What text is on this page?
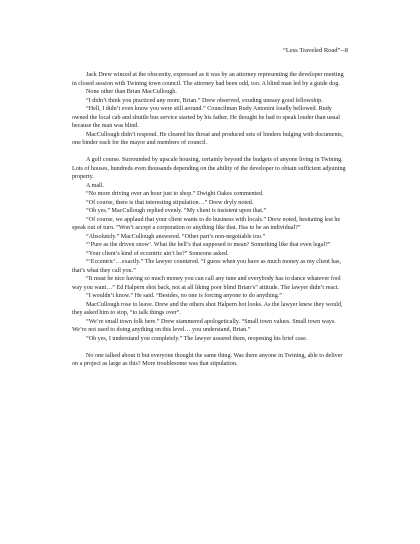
“Less Traveled Road”--8

Jack Drew winced at the obscenity, expressed as it was by an attorney representing the developer meeting in closed session with Twining town council. The attorney had been odd, too. A blind man led by a guide dog.

None other than Brian MacCullough.

“I didn’t think you practiced any more, Brian.” Drew observed, exuding uneasy good fellowship.

“Hell, I didn’t even know you were still around.” Councilman Rudy Antonini loudly bellowed. Rudy owned the local cab and shuttle bus service started by his father. He thought he had to speak louder than usual because the man was blind.

MacCullough didn’t respond. He cleared his throat and produced sets of binders bulging with documents, one binder each for the mayor and members of council.

A golf course. Surrounded by upscale housing, certainly beyond the budgets of anyone living in Twining. Lots of houses, hundreds even thousands depending on the ability of the developer to obtain sufficient adjoining property.

A mall.

“No more driving over an hour just to shop.” Dwight Oakes commented.

“Of course, there is that interesting stipulation…” Drew dryly noted.

“Oh yes.” MacCullough replied evenly. “My client is insistent upon that.”

“Of course, we applaud that your client wants to do business with locals.” Drew noted, hesitating lest he speak out of turn. “Won’t accept a corporation or anything like that. Has to be an individual?”

“Absolutely.” MacCullough answered. “Other part’s non-negotiable too.”

“‘Pure as the driven snow’. What the hell’s that supposed to mean? Something like that even legal?”

“Your client’s kind of eccentric ain’t he?” Someone asked.

“‘Eccentric’…exactly.” The lawyer countered. “I guess when you have as much money as my client has, that’s what they call you.”

“It must be nice having so much money you can call any tune and everybody has to dance whatever fool way you want…” Ed Halpern shot back, not at all liking poor blind Brian’s” attitude. The lawyer didn’t react.

“I wouldn’t know.” He said. “Besides, no one is forcing anyone to do anything.”

MacCullough rose to leave. Drew and the others shot Halpern hot looks. As the lawyer knew they would, they asked him to stop, “to talk things over”.

“We’re small town folk here.” Drew stammered apologetically. “Small town values. Small town ways. We’re not used to doing anything on this level… you understand, Brian.”

“Oh yes, I understand you completely.” The lawyer assured them, reopening his brief case.

No one talked about it but everyone thought the same thing. Was there anyone in Twining, able to deliver on a project as large as this? More troublesome was that stipulation.
